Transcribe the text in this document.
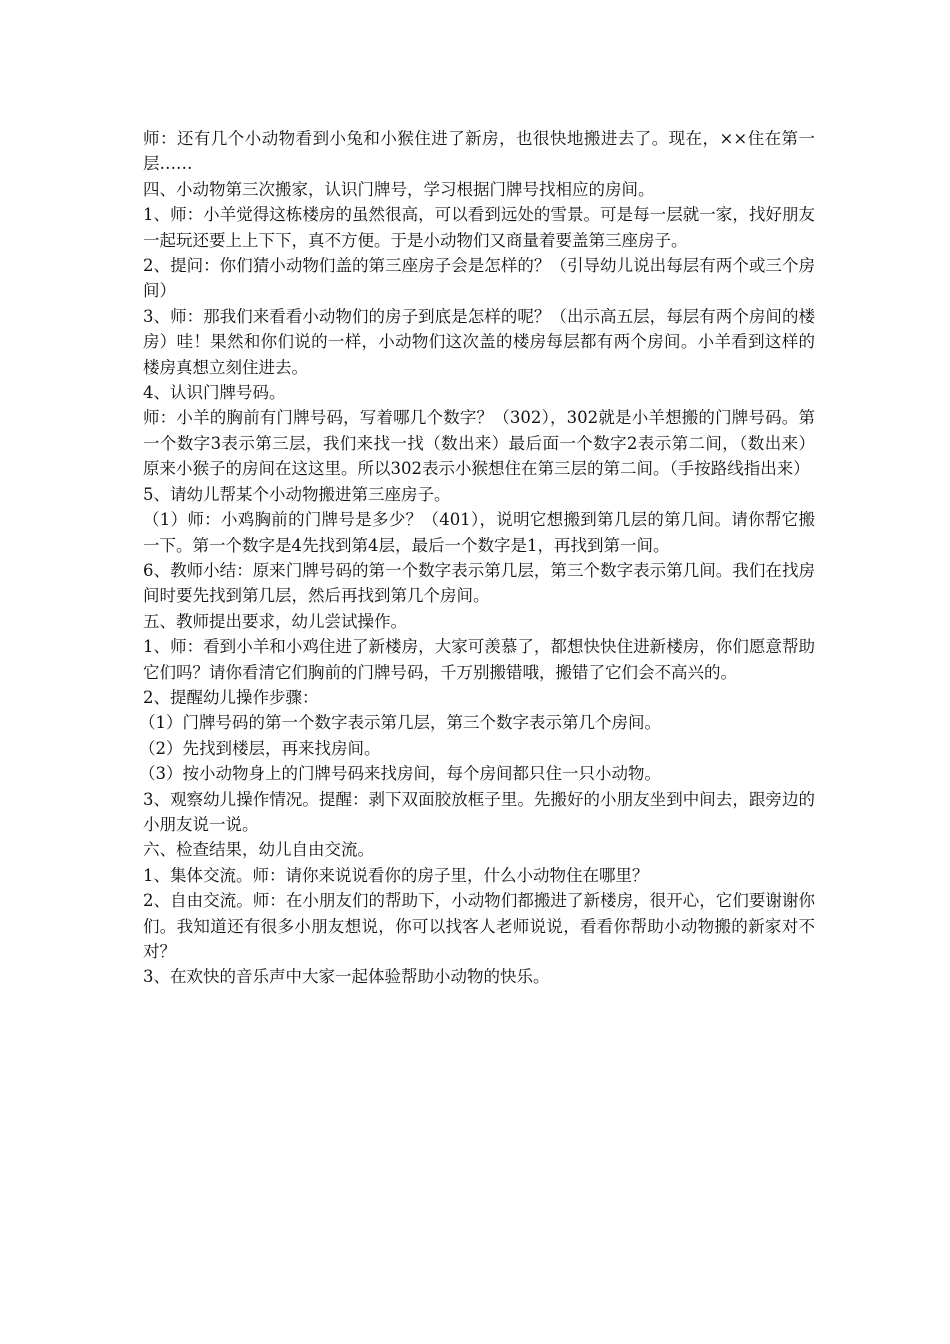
师：还有几个小动物看到小兔和小猴住进了新房，也很快地搬进去了。现在，××住在第一层……

四、小动物第三次搬家，认识门牌号，学习根据门牌号找相应的房间。

1、师：小羊觉得这栋楼房的虽然很高，可以看到远处的雪景。可是每一层就一家，找好朋友一起玩还要上上下下，真不方便。于是小动物们又商量着要盖第三座房子。

2、提问：你们猜小动物们盖的第三座房子会是怎样的？（引导幼儿说出每层有两个或三个房间）

3、师：那我们来看看小动物们的房子到底是怎样的呢？（出示高五层，每层有两个房间的楼房）哇！果然和你们说的一样，小动物们这次盖的楼房每层都有两个房间。小羊看到这样的楼房真想立刻住进去。

4、认识门牌号码。

师：小羊的胸前有门牌号码，写着哪几个数字？（302），302就是小羊想搬的门牌号码。第一个数字3表示第三层，我们来找一找（数出来）最后面一个数字2表示第二间，（数出来）原来小猴子的房间在这这里。所以302表示小猴想住在第三层的第二间。（手按路线指出来）

5、请幼儿帮某个小动物搬进第三座房子。

（1）师：小鸡胸前的门牌号是多少？（401），说明它想搬到第几层的第几间。请你帮它搬一下。第一个数字是4先找到第4层，最后一个数字是1，再找到第一间。

6、教师小结：原来门牌号码的第一个数字表示第几层，第三个数字表示第几间。我们在找房间时要先找到第几层，然后再找到第几个房间。

五、教师提出要求，幼儿尝试操作。

1、师：看到小羊和小鸡住进了新楼房，大家可羡慕了，都想快快住进新楼房，你们愿意帮助它们吗？请你看清它们胸前的门牌号码，千万别搬错哦，搬错了它们会不高兴的。

2、提醒幼儿操作步骤：

（1）门牌号码的第一个数字表示第几层，第三个数字表示第几个房间。

（2）先找到楼层，再来找房间。

（3）按小动物身上的门牌号码来找房间，每个房间都只住一只小动物。

3、观察幼儿操作情况。提醒：剥下双面胶放框子里。先搬好的小朋友坐到中间去，跟旁边的小朋友说一说。

六、检查结果，幼儿自由交流。

1、集体交流。师：请你来说说看你的房子里，什么小动物住在哪里？

2、自由交流。师：在小朋友们的帮助下，小动物们都搬进了新楼房，很开心，它们要谢谢你们。我知道还有很多小朋友想说，你可以找客人老师说说，看看你帮助小动物搬的新家对不对？

3、在欢快的音乐声中大家一起体验帮助小动物的快乐。
